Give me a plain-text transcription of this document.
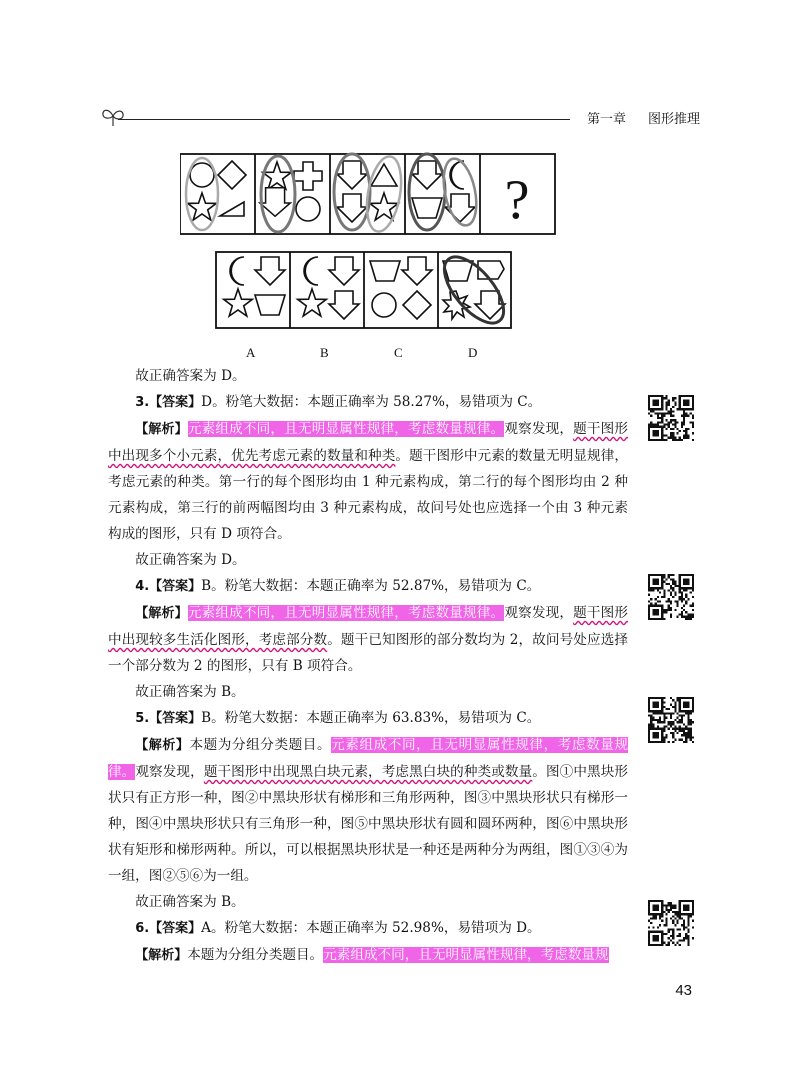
第一章 图形推理
?
A	B	C	D

故正确答案为 D。

3.【答案】D。粉笔大数据：本题正确率为 58.27%，易错项为 C。

【解析】元素组成不同，且无明显属性规律，考虑数量规律。观察发现，题干图形中出现多个小元素，优先考虑元素的数量和种类。题干图形中元素的数量无明显规律，考虑元素的种类。第一行的每个图形均由 1 种元素构成，第二行的每个图形均由 2 种元素构成，第三行的前两幅图均由 3 种元素构成，故问号处也应选择一个由 3 种元素构成的图形，只有 D 项符合。

故正确答案为 D。

4.【答案】B。粉笔大数据：本题正确率为 52.87%，易错项为 C。

【解析】元素组成不同，且无明显属性规律，考虑数量规律。观察发现，题干图形中出现较多生活化图形，考虑部分数。题干已知图形的部分数均为 2，故问号处应选择一个部分数为 2 的图形，只有 B 项符合。

故正确答案为 B。

5.【答案】B。粉笔大数据：本题正确率为 63.83%，易错项为 C。

【解析】本题为分组分类题目。元素组成不同，且无明显属性规律，考虑数量规律。观察发现，题干图形中出现黑白块元素，考虑黑白块的种类或数量。图①中黑块形状只有正方形一种，图②中黑块形状有梯形和三角形两种，图③中黑块形状只有梯形一种，图④中黑块形状只有三角形一种，图⑤中黑块形状有圆和圆环两种，图⑥中黑块形状有矩形和梯形两种。所以，可以根据黑块形状是一种还是两种分为两组，图①③④为一组，图②⑤⑥为一组。

故正确答案为 B。

6.【答案】A。粉笔大数据：本题正确率为 52.98%，易错项为 D。

【解析】本题为分组分类题目。元素组成不同，且无明显属性规律，考虑数量规

43
